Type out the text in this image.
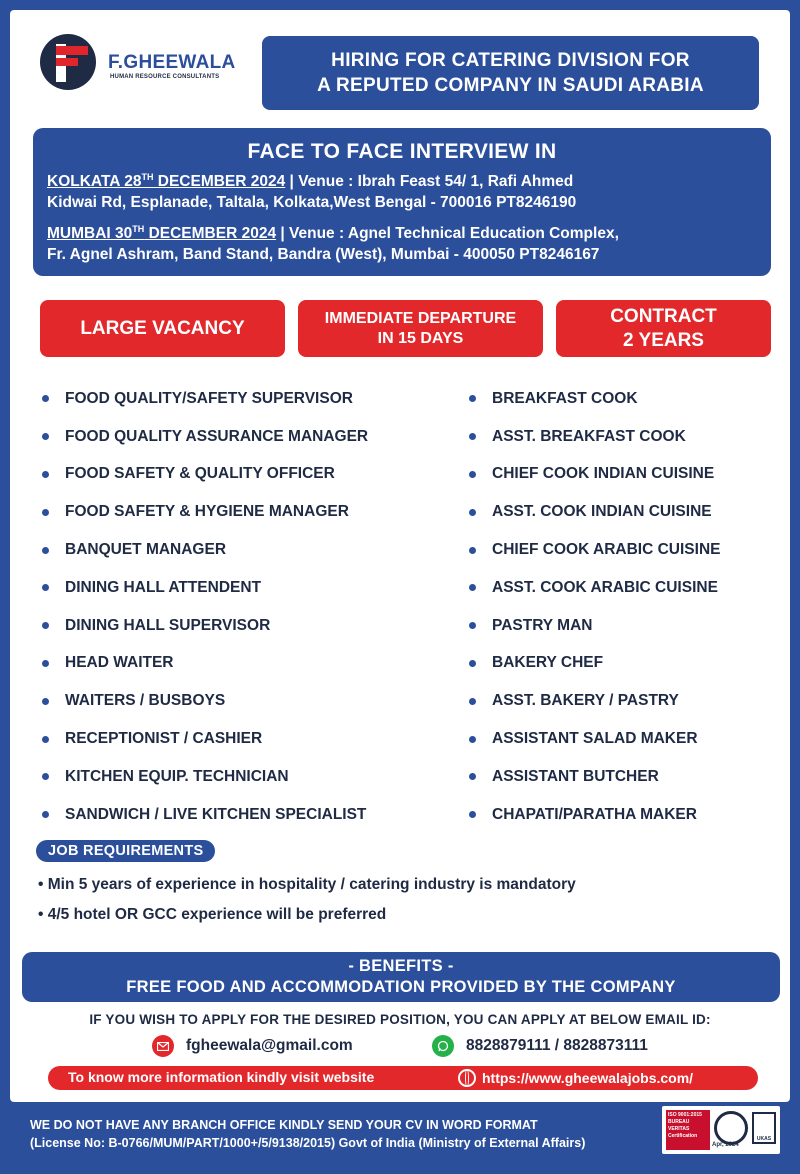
F.GHEEWALA
HUMAN RESOURCE CONSULTANTS
HIRING FOR CATERING DIVISION FOR
A REPUTED COMPANY IN SAUDI ARABIA
FACE TO FACE INTERVIEW IN
KOLKATA 28TH DECEMBER 2024 | Venue : Ibrah Feast 54/ 1, Rafi Ahmed
Kidwai Rd, Esplanade, Taltala, Kolkata,West Bengal - 700016 PT8246190
MUMBAI 30TH DECEMBER 2024 | Venue : Agnel Technical Education Complex,
Fr. Agnel Ashram, Band Stand, Bandra (West), Mumbai - 400050 PT8246167
LARGE VACANCY	IMMEDIATE DEPARTURE
IN 15 DAYS
CONTRACT
2 YEARS
FOOD QUALITY/SAFETY SUPERVISOR
FOOD QUALITY ASSURANCE MANAGER
FOOD SAFETY & QUALITY OFFICER
FOOD SAFETY & HYGIENE MANAGER
BANQUET MANAGER
DINING HALL ATTENDENT
DINING HALL SUPERVISOR
HEAD WAITER
WAITERS / BUSBOYS
RECEPTIONIST / CASHIER
KITCHEN EQUIP. TECHNICIAN
SANDWICH / LIVE KITCHEN SPECIALIST
BREAKFAST COOK
ASST. BREAKFAST COOK
CHIEF COOK INDIAN CUISINE
ASST. COOK INDIAN CUISINE
CHIEF COOK ARABIC CUISINE
ASST. COOK ARABIC CUISINE
PASTRY MAN
BAKERY CHEF
ASST. BAKERY / PASTRY
ASSISTANT SALAD MAKER
ASSISTANT BUTCHER
CHAPATI/PARATHA MAKER
JOB REQUIREMENTS
• Min 5 years of experience in hospitality / catering industry is mandatory
• 4/5 hotel OR GCC experience will be preferred
- BENEFITS -
FREE FOOD AND ACCOMMODATION PROVIDED BY THE COMPANY
IF YOU WISH TO APPLY FOR THE DESIRED POSITION, YOU CAN APPLY AT BELOW EMAIL ID:
fgheewala@gmail.com	8828879111 / 8828873111
To know more information kindly visit website	https://www.gheewalajobs.com/
WE DO NOT HAVE ANY BRANCH OFFICE KINDLY SEND YOUR CV IN WORD FORMAT
(License No: B-0766/MUM/PART/1000+/5/9138/2015) Govt of India (Ministry of External Affairs)
ISO 9001:2015 BUREAU VERITAS Certification	UKAS
Apr, 2024
